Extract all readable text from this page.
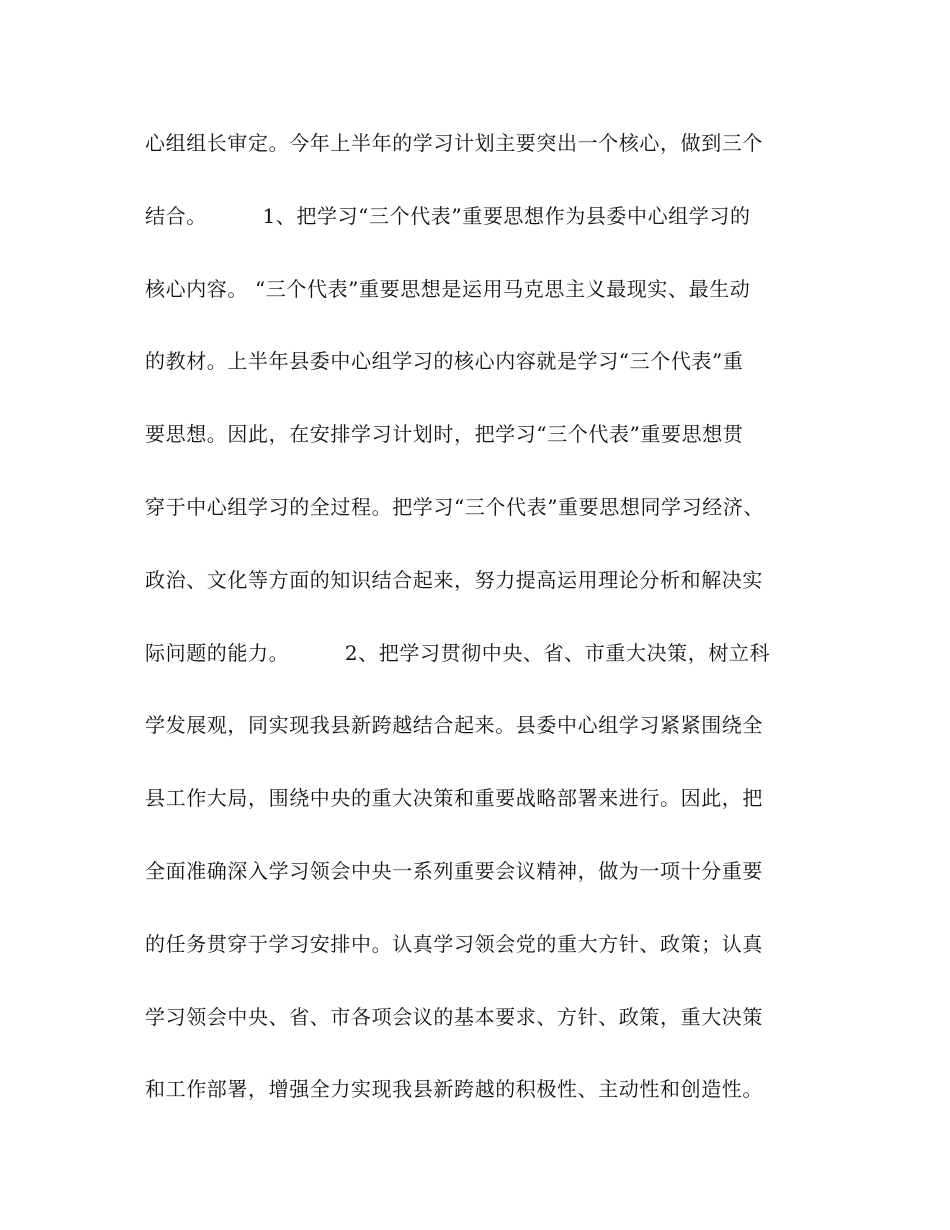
心组组长审定。今年上半年的学习计划主要突出一个核心，做到三个
结合。        1、把学习“三个代表”重要思想作为县委中心组学习的
核心内容。 “三个代表”重要思想是运用马克思主义最现实、最生动
的教材。上半年县委中心组学习的核心内容就是学习“三个代表”重
要思想。因此，在安排学习计划时，把学习“三个代表”重要思想贯
穿于中心组学习的全过程。把学习“三个代表”重要思想同学习经济、
政治、文化等方面的知识结合起来，努力提高运用理论分析和解决实
际问题的能力。        2、把学习贯彻中央、省、市重大决策，树立科
学发展观，同实现我县新跨越结合起来。县委中心组学习紧紧围绕全
县工作大局，围绕中央的重大决策和重要战略部署来进行。因此，把
全面准确深入学习领会中央一系列重要会议精神，做为一项十分重要
的任务贯穿于学习安排中。认真学习领会党的重大方针、政策；认真
学习领会中央、省、市各项会议的基本要求、方针、政策，重大决策
和工作部署，增强全力实现我县新跨越的积极性、主动性和创造性。
